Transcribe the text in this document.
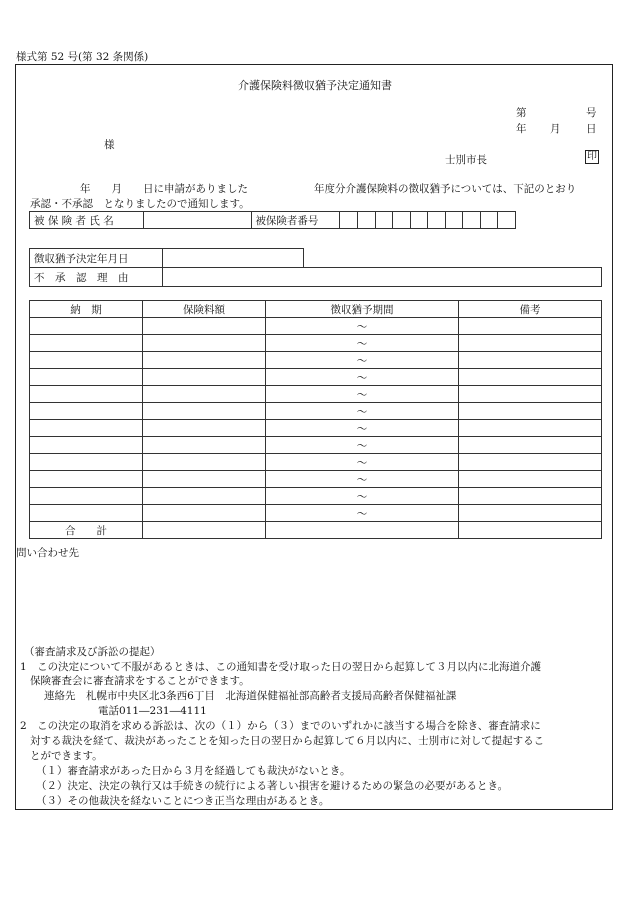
様式第 52 号(第 32 条関係)
介護保険料徴収猶予決定通知書
第	号
年 月 日
様
士別市長	印
年　　月　　日に申請がありました	年度分介護保険料の徴収猶予については、下記のとおり
承認・不承認　となりましたので通知します。
被 保 険 者 氏 名		被保険者番号										
徴収猶予決定年月日		
不　承　認　理　由		
納　期	保険料額	徴収猶予期間	備考
		～	
		～	
		～	
		～	
		～	
		～	
		～	
		～	
		～	
		～	
		～	
		～	
合　　計			
問い合わせ先
（審査請求及び訴訟の提起）
1　この決定について不服があるときは、この通知書を受け取った日の翌日から起算して３月以内に北海道介護
保険審査会に審査請求をすることができます。
連絡先　札幌市中央区北3条西6丁目　北海道保健福祉部高齢者支援局高齢者保健福祉課
電話011―231―4111
2　この決定の取消を求める訴訟は、次の（１）から（３）までのいずれかに該当する場合を除き、審査請求に
対する裁決を経て、裁決があったことを知った日の翌日から起算して６月以内に、士別市に対して提起するこ
とができます。
（１）審査請求があった日から３月を経過しても裁決がないとき。
（２）決定、決定の執行又は手続きの続行による著しい損害を避けるための緊急の必要があるとき。
（３）その他裁決を経ないことにつき正当な理由があるとき。
